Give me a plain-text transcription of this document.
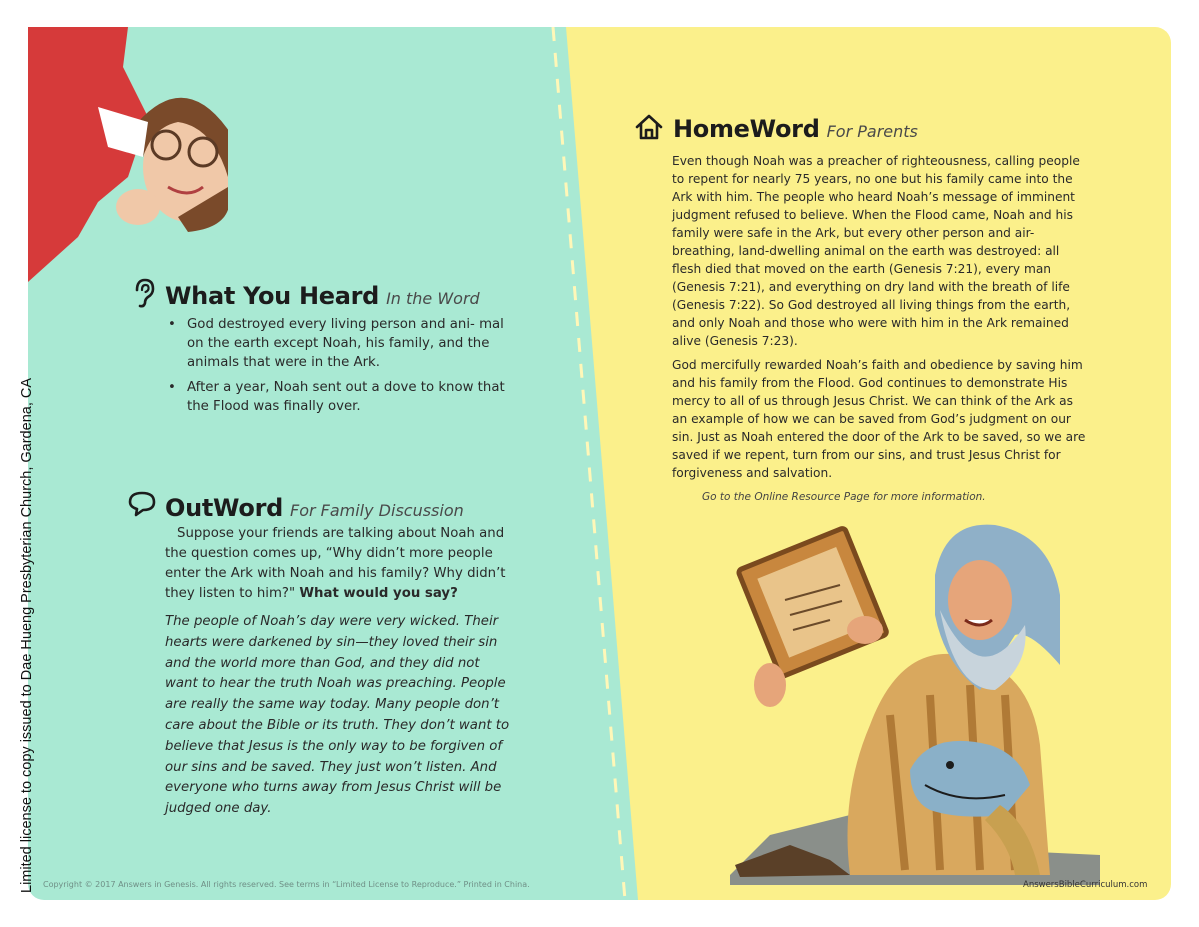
Limited license to copy issued to Dae Hueng Presbyterian Church, Gardena, CA
What You Heard In the Word
• God destroyed every living person and ani- mal on the earth except Noah, his family, and the animals that were in the Ark.
• After a year, Noah sent out a dove to know that the Flood was finally over.
OutWord For Family Discussion
Suppose your friends are talking about Noah and the question comes up, “Why didn’t more people enter the Ark with Noah and his family? Why didn’t they listen to him?" What would you say?
The people of Noah’s day were very wicked. Their hearts were darkened by sin—they loved their sin and the world more than God, and they did not want to hear the truth Noah was preaching. People are really the same way today. Many people don’t care about the Bible or its truth. They don’t want to believe that Jesus is the only way to be forgiven of our sins and be saved. They just won’t listen. And everyone who turns away from Jesus Christ will be judged one day.
HomeWord For Parents

Even though Noah was a preacher of righteousness, calling people to repent for nearly 75 years, no one but his family came into the Ark with him. The people who heard Noah’s message of imminent judgment refused to believe. When the Flood came, Noah and his family were safe in the Ark, but every other person and air-breathing, land-dwelling animal on the earth was destroyed: all flesh died that moved on the earth (Genesis 7:21), every man (Genesis 7:21), and everything on dry land with the breath of life (Genesis 7:22). So God destroyed all living things from the earth, and only Noah and those who were with him in the Ark remained alive (Genesis 7:23).

God mercifully rewarded Noah’s faith and obedience by saving him and his family from the Flood. God continues to demonstrate His mercy to all of us through Jesus Christ. We can think of the Ark as an example of how we can be saved from God’s judgment on our sin. Just as Noah entered the door of the Ark to be saved, so we are saved if we repent, turn from our sins, and trust Jesus Christ for forgiveness and salvation.

Go to the Online Resource Page for more information.
Copyright © 2017 Answers in Genesis. All rights reserved. See terms in “Limited License to Reproduce.” Printed in China.	AnswersBibleCurriculum.com
